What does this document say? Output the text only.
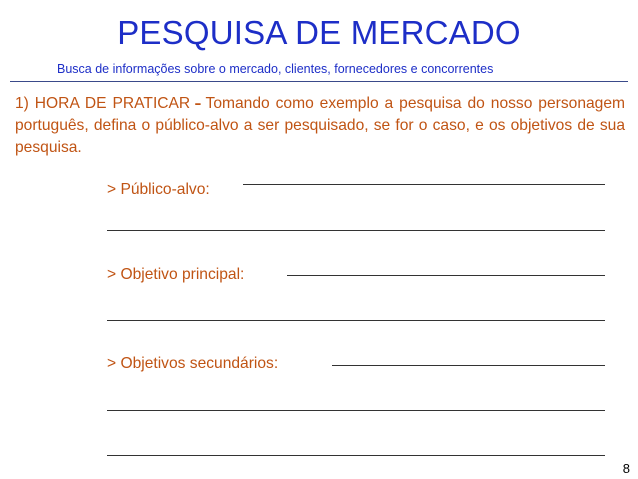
PESQUISA DE MERCADO
Busca de informações sobre o mercado, clientes, fornecedores e concorrentes
1) HORA DE PRATICAR - Tomando como exemplo a pesquisa do nosso personagem português, defina o público-alvo a ser pesquisado, se for o caso, e os objetivos de sua pesquisa.
> Público-alvo:
> Objetivo principal:
> Objetivos secundários:
8
